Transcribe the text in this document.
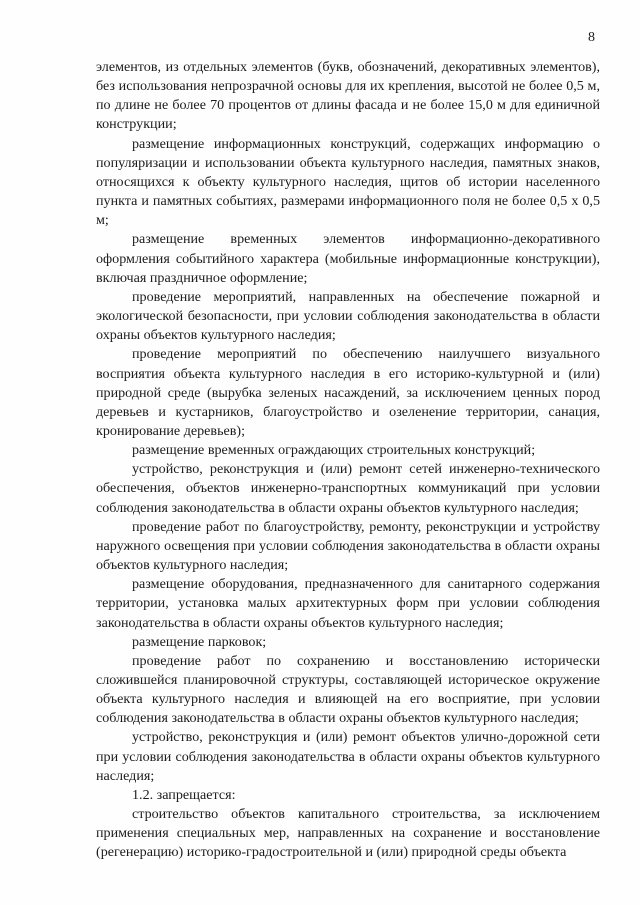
8

элементов, из отдельных элементов (букв, обозначений, декоративных элементов), без использования непрозрачной основы для их крепления, высотой не более 0,5 м, по длине не более 70 процентов от длины фасада и не более 15,0 м для единичной конструкции;

размещение информационных конструкций, содержащих информацию о популяризации и использовании объекта культурного наследия, памятных знаков, относящихся к объекту культурного наследия, щитов об истории населенного пункта и памятных событиях, размерами информационного поля не более 0,5 х 0,5 м;

размещение временных элементов информационно-декоративного оформления событийного характера (мобильные информационные конструкции), включая праздничное оформление;

проведение мероприятий, направленных на обеспечение пожарной и экологической безопасности, при условии соблюдения законодательства в области охраны объектов культурного наследия;

проведение мероприятий по обеспечению наилучшего визуального восприятия объекта культурного наследия в его историко-культурной и (или) природной среде (вырубка зеленых насаждений, за исключением ценных пород деревьев и кустарников, благоустройство и озеленение территории, санация, кронирование деревьев);

размещение временных ограждающих строительных конструкций;

устройство, реконструкция и (или) ремонт сетей инженерно-технического обеспечения, объектов инженерно-транспортных коммуникаций при условии соблюдения законодательства в области охраны объектов культурного наследия;

проведение работ по благоустройству, ремонту, реконструкции и устройству наружного освещения при условии соблюдения законодательства в области охраны объектов культурного наследия;

размещение оборудования, предназначенного для санитарного содержания территории, установка малых архитектурных форм при условии соблюдения законодательства в области охраны объектов культурного наследия;

размещение парковок;

проведение работ по сохранению и восстановлению исторически сложившейся планировочной структуры, составляющей историческое окружение объекта культурного наследия и влияющей на его восприятие, при условии соблюдения законодательства в области охраны объектов культурного наследия;

устройство, реконструкция и (или) ремонт объектов улично-дорожной сети при условии соблюдения законодательства в области охраны объектов культурного наследия;

1.2. запрещается:

строительство объектов капитального строительства, за исключением применения специальных мер, направленных на сохранение и восстановление (регенерацию) историко-градостроительной и (или) природной среды объекта
